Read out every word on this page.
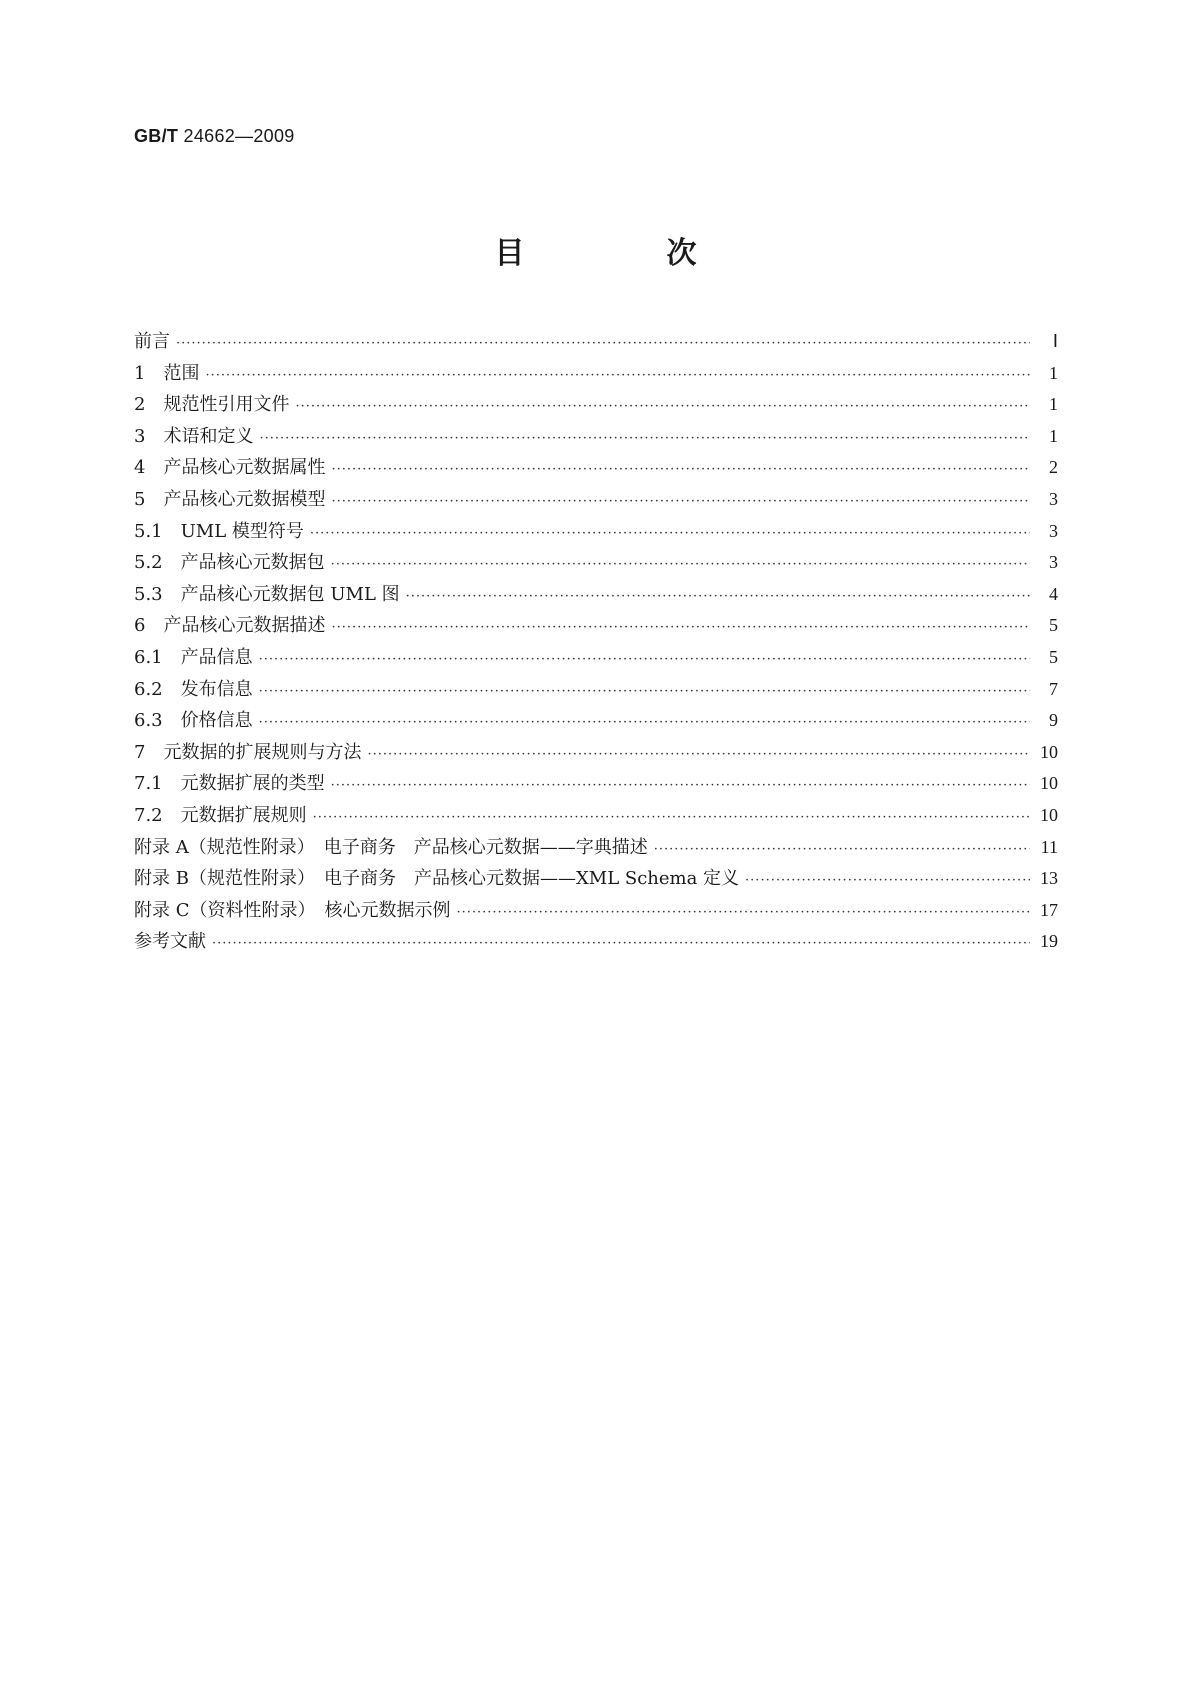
GB/T 24662—2009
目　次
前言 ·····	Ⅰ
1　范围 ·····	1
2　规范性引用文件 ·····	1
3　术语和定义 ·····	1
4　产品核心元数据属性 ·····	2
5　产品核心元数据模型 ·····	3
5.1　UML 模型符号 ·····	3
5.2　产品核心元数据包 ·····	3
5.3　产品核心元数据包 UML 图 ·····	4
6　产品核心元数据描述 ·····	5
6.1　产品信息 ·····	5
6.2　发布信息 ·····	7
6.3　价格信息 ·····	9
7　元数据的扩展规则与方法 ·····	10
7.1　元数据扩展的类型 ·····	10
7.2　元数据扩展规则 ·····	10
附录 A（规范性附录）　电子商务　产品核心元数据——字典描述 ·····	11
附录 B（规范性附录）　电子商务　产品核心元数据——XML Schema 定义 ·····	13
附录 C（资料性附录）　核心元数据示例 ·····	17
参考文献 ·····	19
